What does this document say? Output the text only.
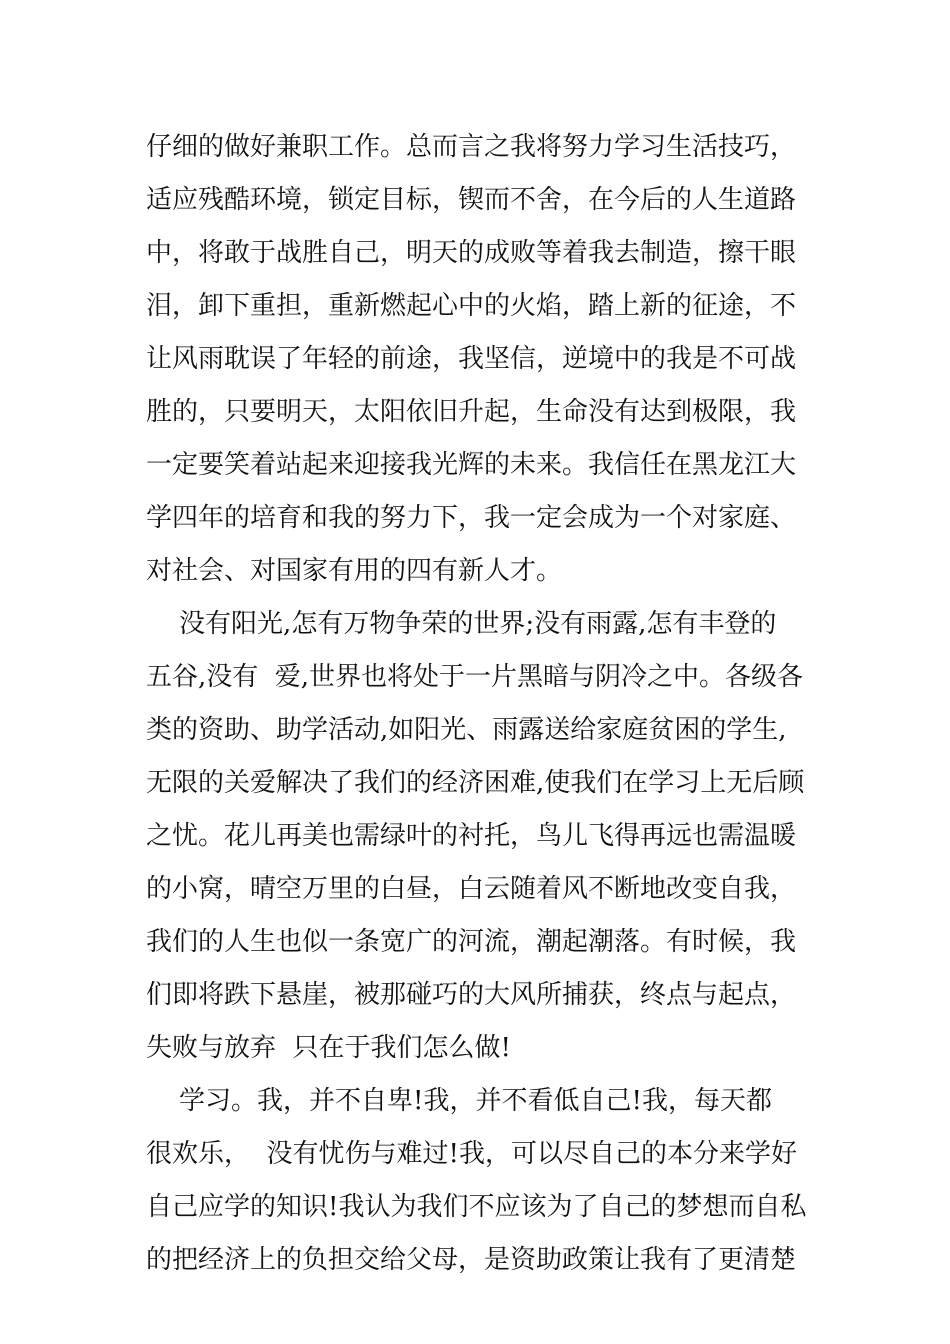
仔细的做好兼职工作。总而言之我将努力学习生活技巧，
适应残酷环境，锁定目标，锲而不舍，在今后的人生道路
中，将敢于战胜自己，明天的成败等着我去制造，擦干眼
泪，卸下重担，重新燃起心中的火焰，踏上新的征途，不
让风雨耽误了年轻的前途，我坚信，逆境中的我是不可战
胜的，只要明天，太阳依旧升起，生命没有达到极限，我
一定要笑着站起来迎接我光辉的未来。我信任在黑龙江大
学四年的培育和我的努力下，我一定会成为一个对家庭、
对社会、对国家有用的四有新人才。
没有阳光,怎有万物争荣的世界;没有雨露,怎有丰登的
五谷,没有  爱,世界也将处于一片黑暗与阴冷之中。各级各
类的资助、助学活动,如阳光、雨露送给家庭贫困的学生,
无限的关爱解决了我们的经济困难,使我们在学习上无后顾
之忧。花儿再美也需绿叶的衬托，鸟儿飞得再远也需温暖
的小窝，晴空万里的白昼，白云随着风不断地改变自我，
我们的人生也似一条宽广的河流，潮起潮落。有时候，我
们即将跌下悬崖，被那碰巧的大风所捕获，终点与起点，
失败与放弃  只在于我们怎么做!
学习。我，并不自卑!我，并不看低自己!我，每天都
很欢乐，  没有忧伤与难过!我，可以尽自己的本分来学好
自己应学的知识!我认为我们不应该为了自己的梦想而自私
的把经济上的负担交给父母，是资助政策让我有了更清楚
